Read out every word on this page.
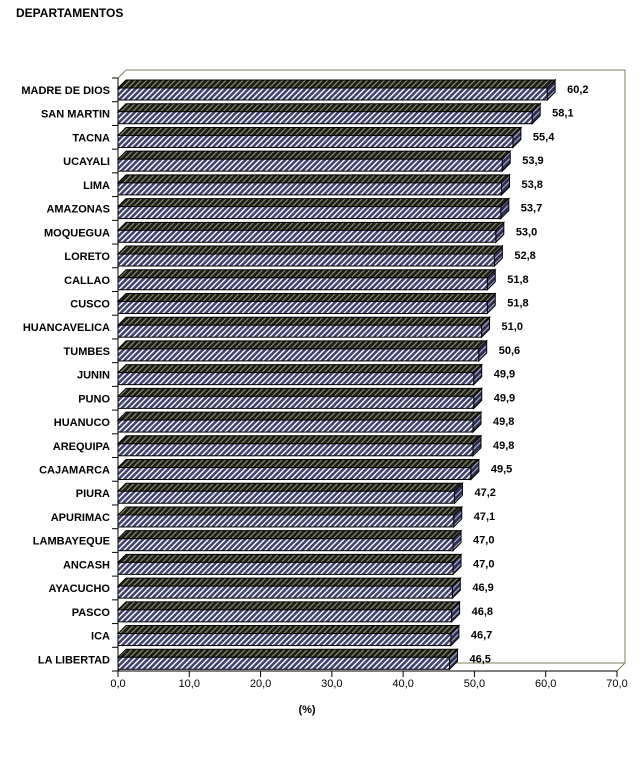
DEPARTAMENTOS
0,0	10,0	20,0	30,0	40,0	50,0	60,0	70,0
MADRE DE DIOS	60,2
SAN MARTIN	58,1
TACNA	55,4
UCAYALI	53,9
LIMA	53,8
AMAZONAS	53,7
MOQUEGUA	53,0
LORETO	52,8
CALLAO	51,8
CUSCO	51,8
HUANCAVELICA	51,0
TUMBES	50,6
JUNIN	49,9
PUNO	49,9
HUANUCO	49,8
AREQUIPA	49,8
CAJAMARCA	49,5
PIURA	47,2
APURIMAC	47,1
LAMBAYEQUE	47,0
ANCASH	47,0
AYACUCHO	46,9
PASCO	46,8
ICA	46,7
LA LIBERTAD	46,5
(%)
